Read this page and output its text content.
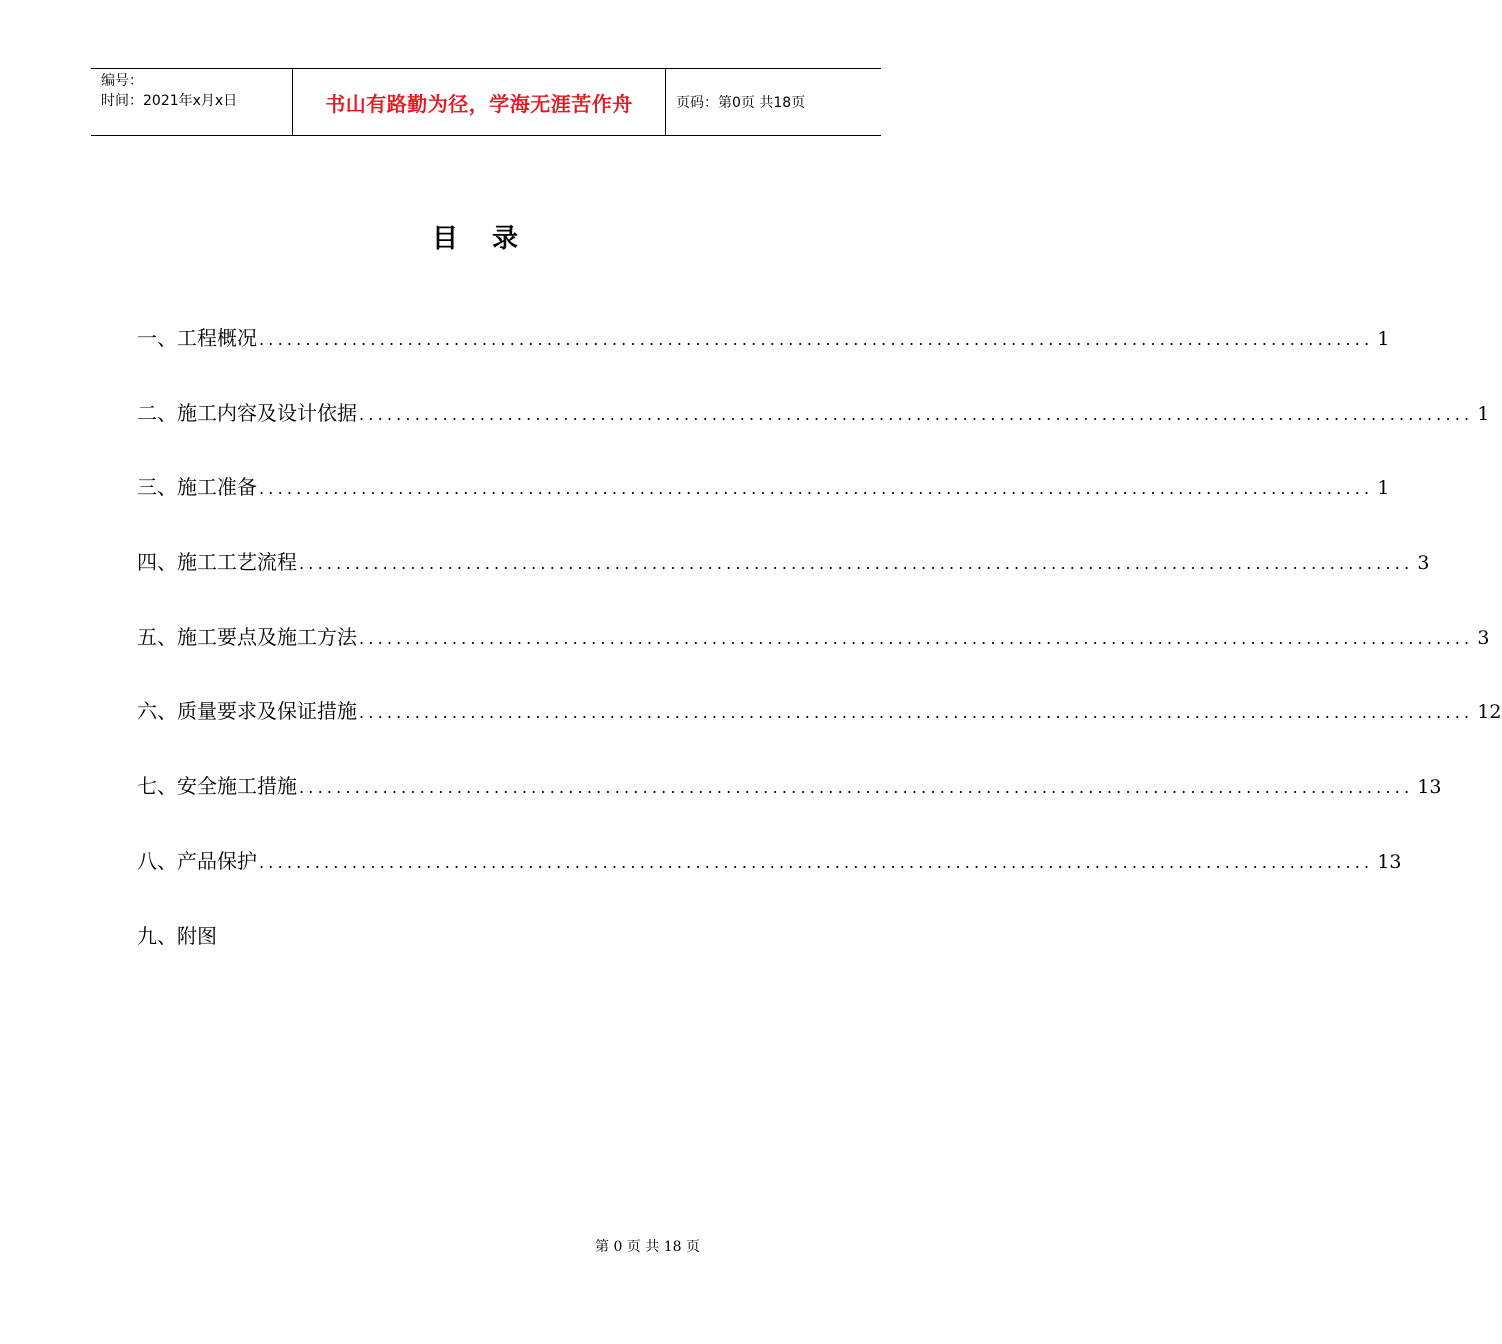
编号：
时间：2021年x月x日	书山有路勤为径，学海无涯苦作舟	页码：第0页 共18页
目录
一、工程概况 ........................................................................................................................ 1
二、施工内容及设计依据 ........................................................................................................................ 1
三、施工准备 ........................................................................................................................ 1
四、施工工艺流程 ........................................................................................................................ 3
五、施工要点及施工方法 ........................................................................................................................ 3
六、质量要求及保证措施 ........................................................................................................................ 12
七、安全施工措施 ........................................................................................................................ 13
八、产品保护 ........................................................................................................................ 13
九、附图
第 0 页 共 18 页
